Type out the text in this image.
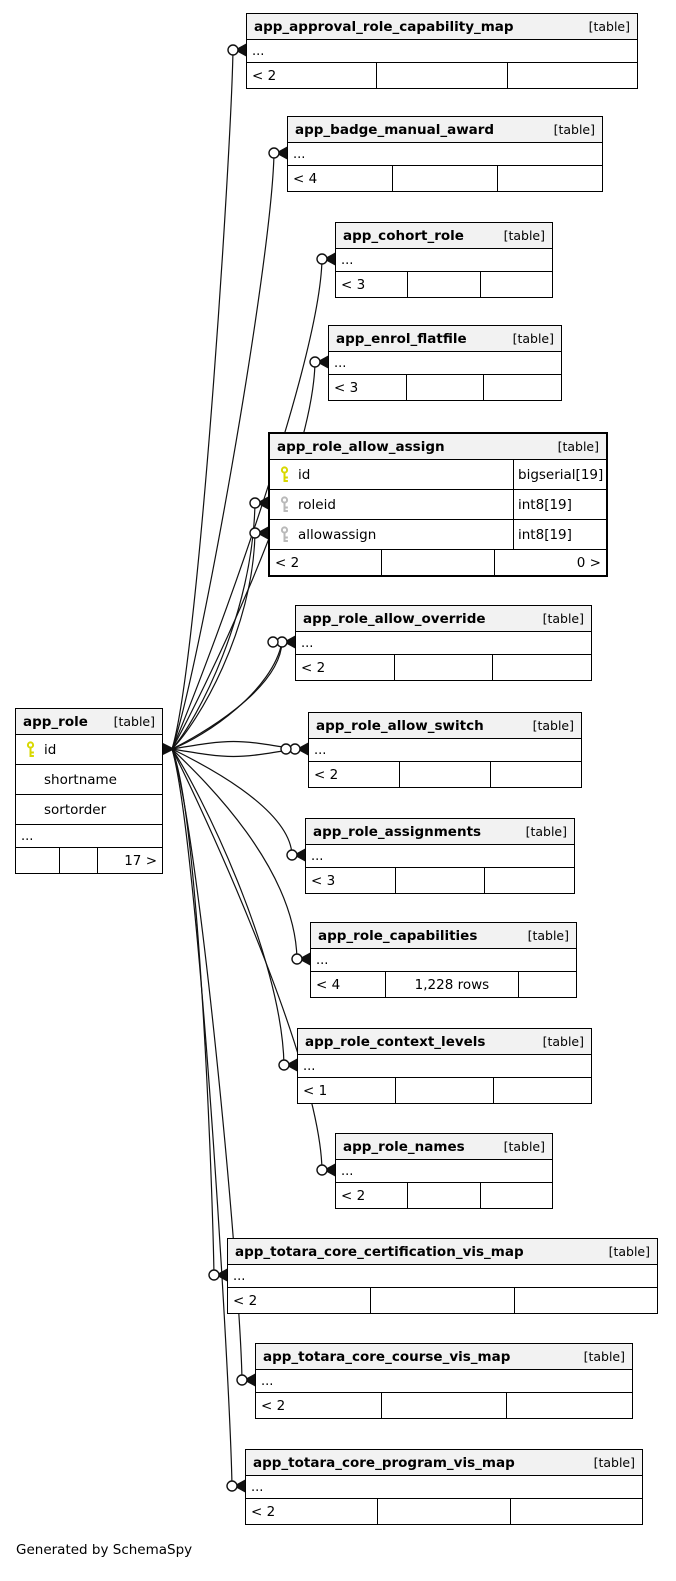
Generated by SchemaSpy
app_role [table]
id
shortname
sortorder
...
17 >
app_approval_role_capability_map	[table]
...
< 2
app_badge_manual_award	[table]
...
< 4
app_cohort_role	[table]
...
< 3
app_enrol_flatfile	[table]
...
< 3
app_role_allow_assign	[table]
id	bigserial[19]
roleid	int8[19]
allowassign	int8[19]
< 2	0 >
app_role_allow_override	[table]
...
< 2
app_role_allow_switch	[table]
...
< 2
app_role_assignments	[table]
...
< 3
app_role_capabilities	[table]
...
< 4	1,228 rows
app_role_context_levels	[table]
...
< 1
app_role_names	[table]
...
< 2
app_totara_core_certification_vis_map	[table]
...
< 2
app_totara_core_course_vis_map	[table]
...
< 2
app_totara_core_program_vis_map	[table]
...
< 2
